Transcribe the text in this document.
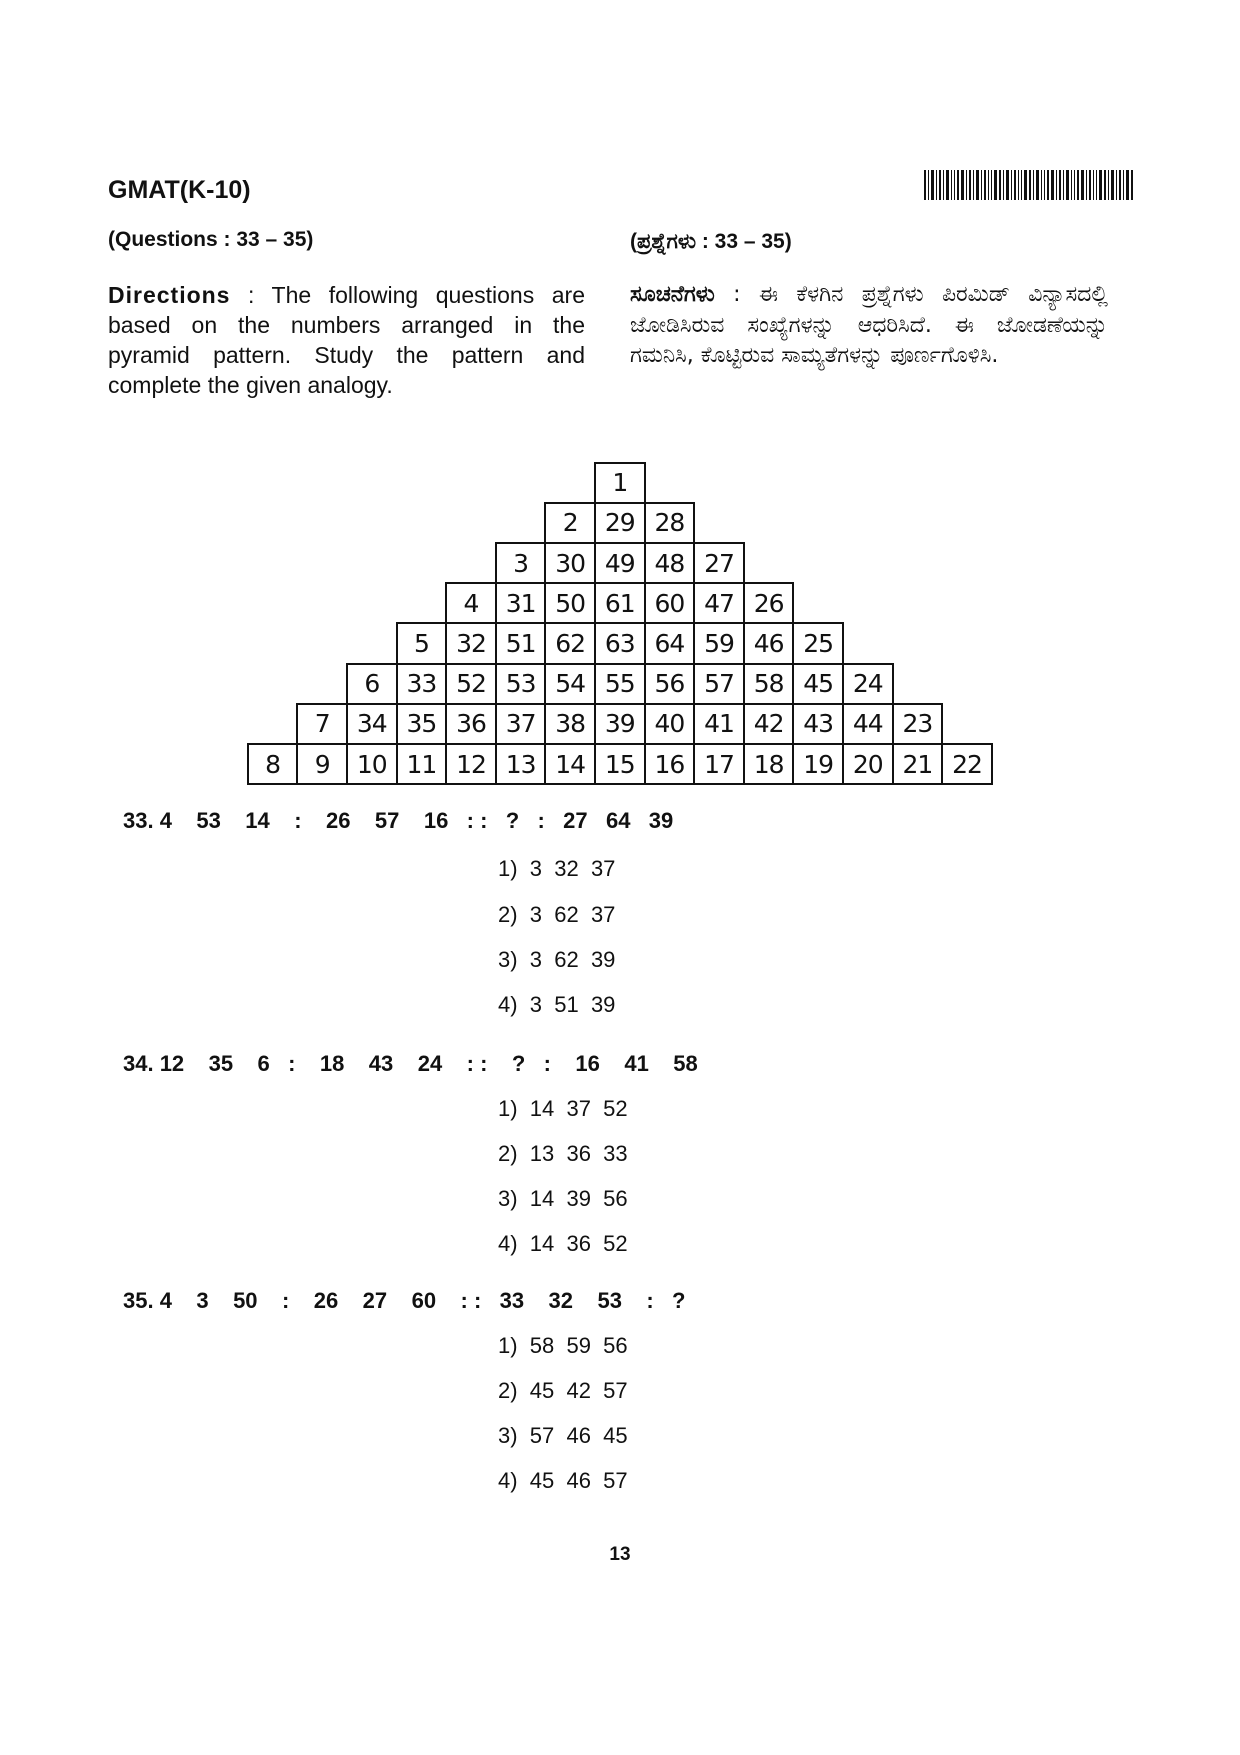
GMAT(K-10)
(Questions : 33 – 35)	(ಪ್ರಶ್ನೆಗಳು : 33 – 35)
Directions : The following questions are based on the numbers arranged in the pyramid pattern. Study the pattern and complete the given analogy.
ಸೂಚನೆಗಳು : ಈ ಕೆಳಗಿನ ಪ್ರಶ್ನೆಗಳು ಪಿರಮಿಡ್ ವಿನ್ಯಾಸದಲ್ಲಿ ಜೋಡಿಸಿರುವ ಸಂಖ್ಯೆಗಳನ್ನು ಆಧರಿಸಿದೆ. ಈ ಜೋಡಣೆಯನ್ನು ಗಮನಿಸಿ, ಕೊಟ್ಟಿರುವ ಸಾಮ್ಯತೆಗಳನ್ನು ಪೂರ್ಣಗೊಳಿಸಿ.
1
2	29 28
3	30 49 48 27
4	31 50 61 60 47 26
5	32 51 62 63 64 59 46 25
6	33 52 53 54 55 56 57 58 45 24
7	34 35 36 37 38 39 40 41 42 43 44 23
8	9	10 11 12 13 14 15 16 17 18 19 20 21 22
33. 4    53    14    :    26    57    16   : :   ?   :   27   64   39
1)  3  32  37
2)  3  62  37
3)  3  62  39
4)  3  51  39
34. 12    35    6   :    18    43    24    : :    ?   :    16    41    58
1)  14  37  52
2)  13  36  33
3)  14  39  56
4)  14  36  52
35. 4    3    50    :    26    27    60    : :   33    32    53    :   ?
1)  58  59  56
2)  45  42  57
3)  57  46  45
4)  45  46  57
13
